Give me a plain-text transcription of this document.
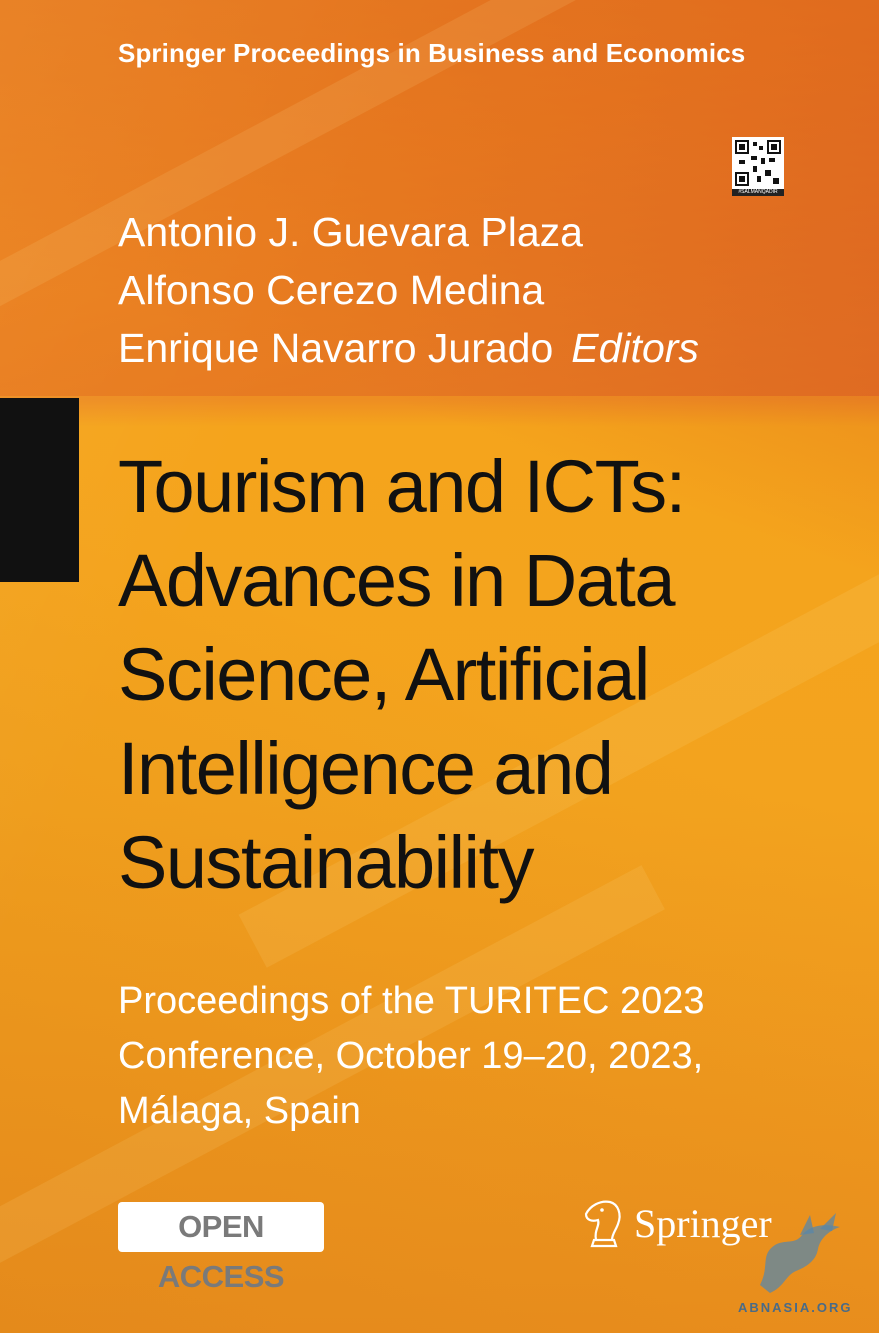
Springer Proceedings in Business and Economics
#SALMANQADIR
Antonio J. Guevara Plaza
Alfonso Cerezo Medina
Enrique Navarro Jurado Editors
Tourism and ICTs:
Advances in Data
Science, Artificial
Intelligence and
Sustainability
Proceedings of the TURITEC 2023
Conference, October 19–20, 2023,
Málaga, Spain
OPEN ACCESS
Springer
ABNASIA.ORG
